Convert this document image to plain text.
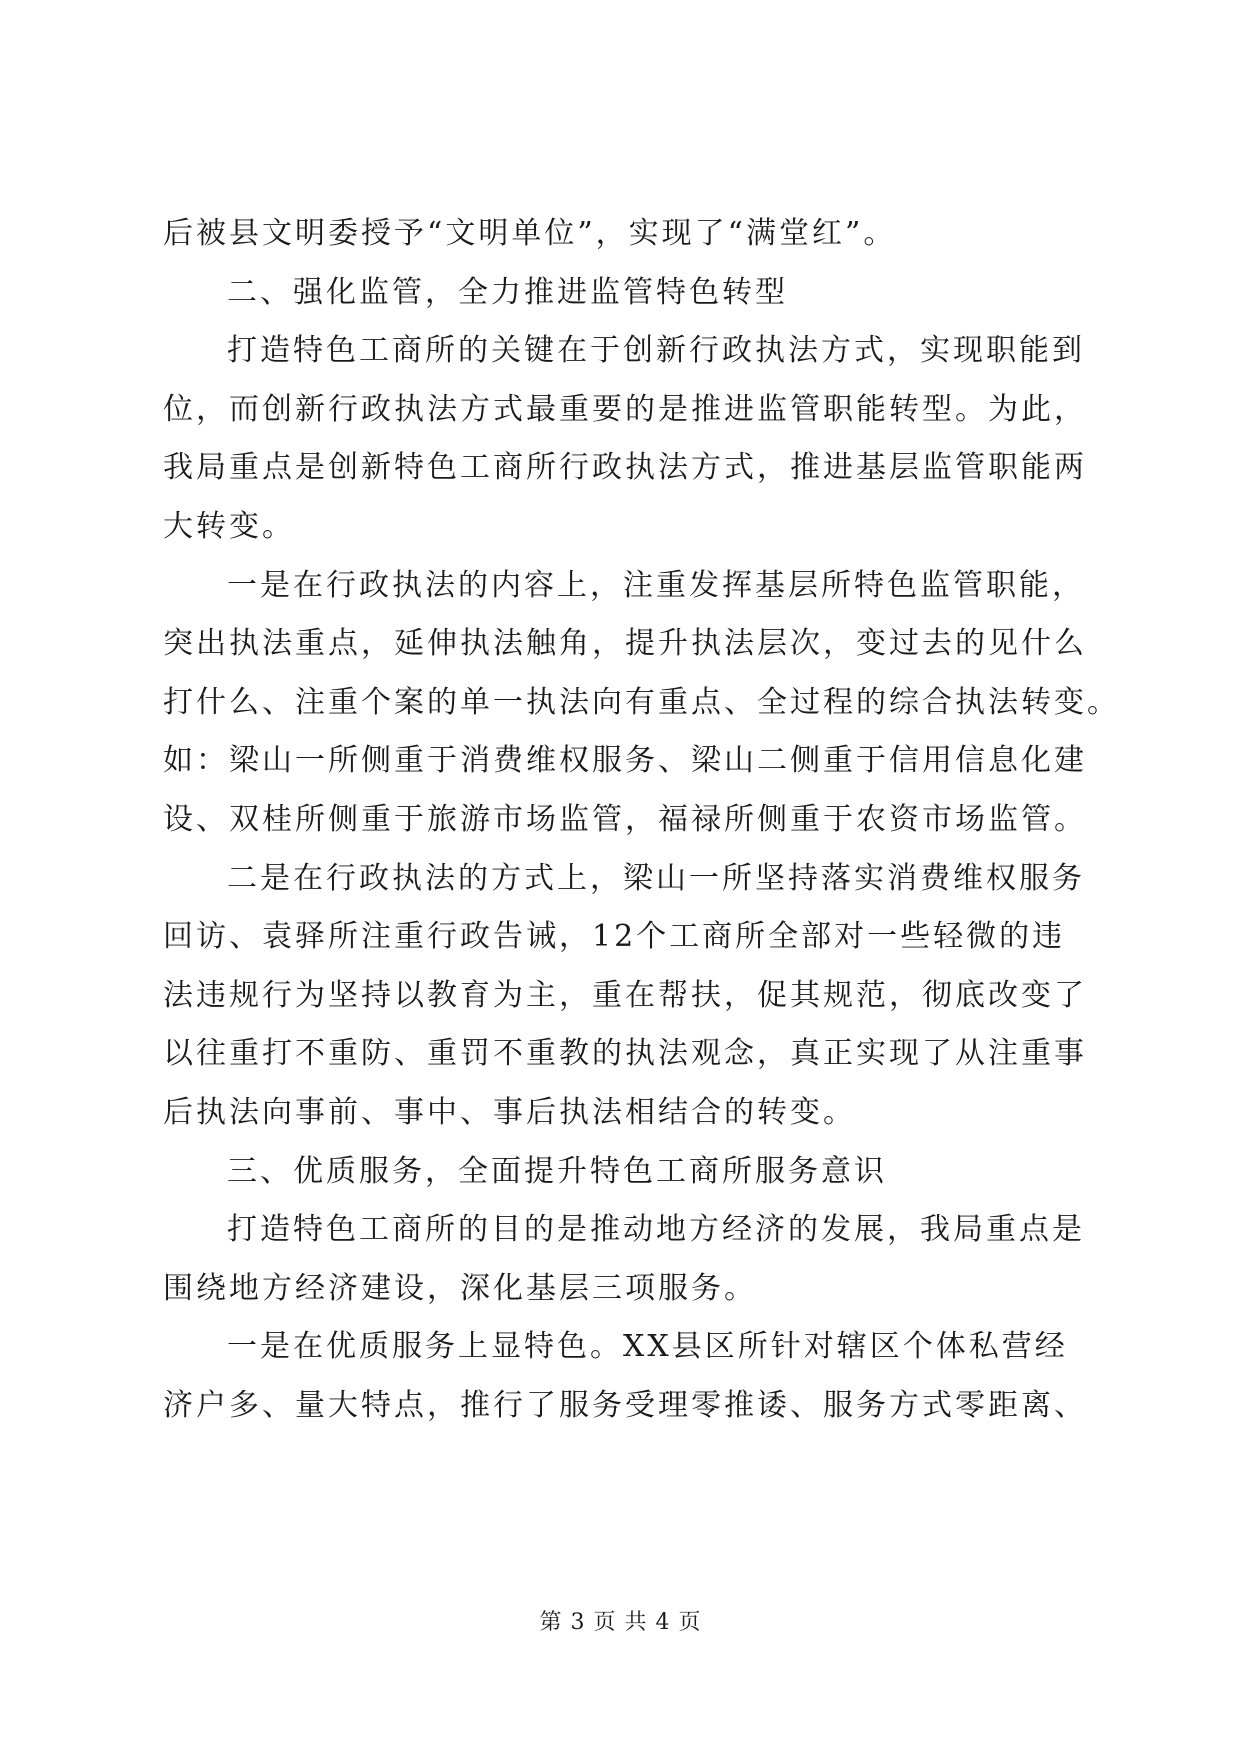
后被县文明委授予“文明单位”，实现了“满堂红”。
二、强化监管，全力推进监管特色转型
打造特色工商所的关键在于创新行政执法方式，实现职能到
位，而创新行政执法方式最重要的是推进监管职能转型。为此，
我局重点是创新特色工商所行政执法方式，推进基层监管职能两
大转变。
一是在行政执法的内容上，注重发挥基层所特色监管职能，
突出执法重点，延伸执法触角，提升执法层次，变过去的见什么
打什么、注重个案的单一执法向有重点、全过程的综合执法转变。
如：梁山一所侧重于消费维权服务、梁山二侧重于信用信息化建
设、双桂所侧重于旅游市场监管，福禄所侧重于农资市场监管。
二是在行政执法的方式上，梁山一所坚持落实消费维权服务
回访、袁驿所注重行政告诫，12个工商所全部对一些轻微的违
法违规行为坚持以教育为主，重在帮扶，促其规范，彻底改变了
以往重打不重防、重罚不重教的执法观念，真正实现了从注重事
后执法向事前、事中、事后执法相结合的转变。
三、优质服务，全面提升特色工商所服务意识
打造特色工商所的目的是推动地方经济的发展，我局重点是
围绕地方经济建设，深化基层三项服务。
一是在优质服务上显特色。XX县区所针对辖区个体私营经
济户多、量大特点，推行了服务受理零推诿、服务方式零距离、
第 3 页 共 4 页
